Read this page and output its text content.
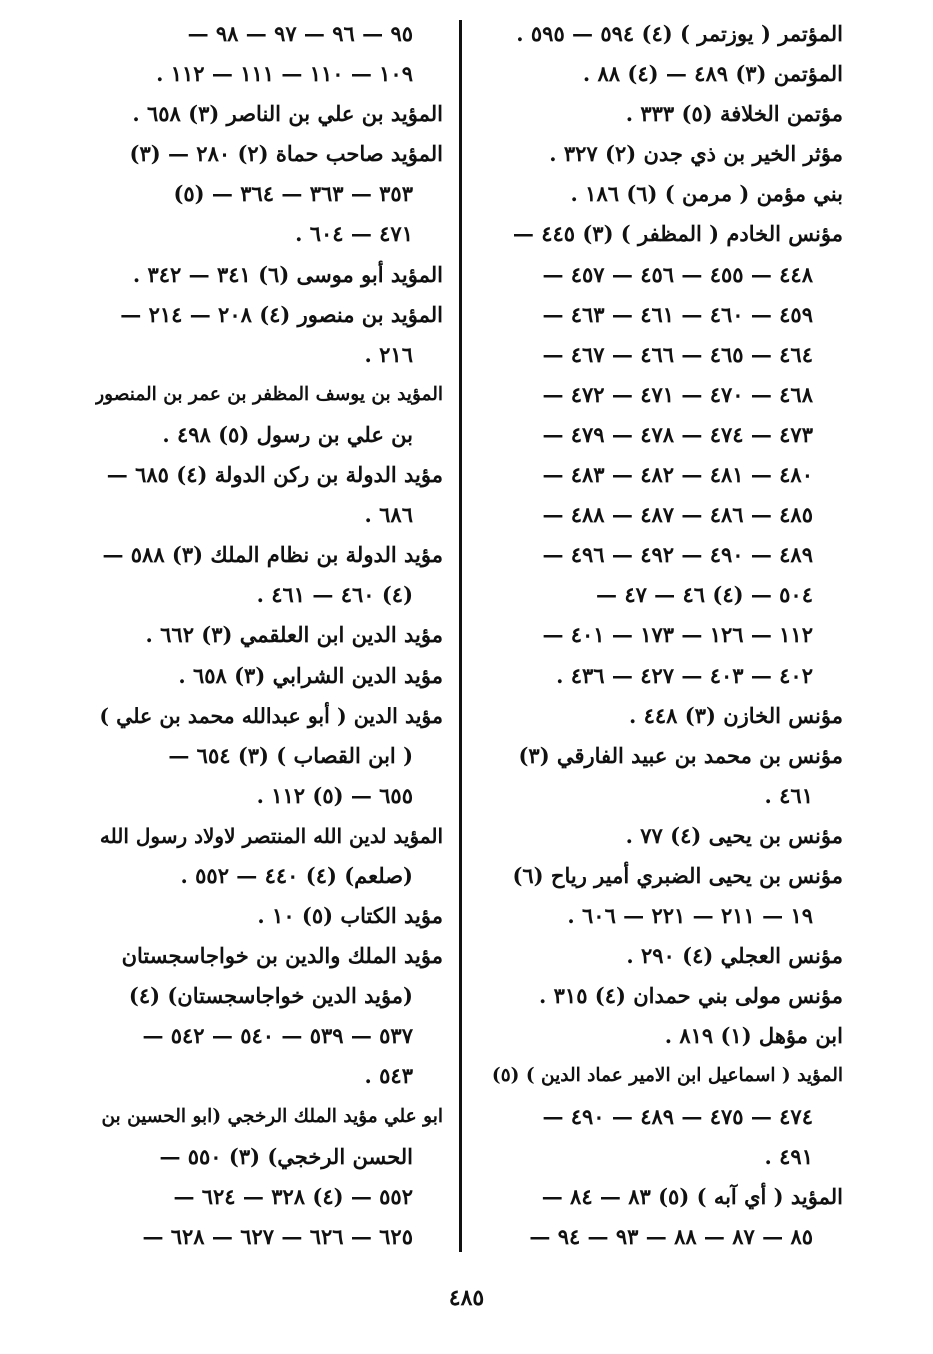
المؤتمر ( يوزتمر ) (٤) ٥٩٤ — ٥٩٥ .
المؤتمن (٣) ٤٨٩ — (٤) ٨٨ .
مؤتمن الخلافة (٥) ٣٣٣ .
مؤثر الخير بن ذي جدن (٢) ٣٢٧ .
بني مؤمن ( مرمن ) (٦) ١٨٦ .
مؤنس الخادم ( المظفر ) (٣) ٤٤٥ —
٤٤٨ — ٤٥٥ — ٤٥٦ — ٤٥٧ —
٤٥٩ — ٤٦٠ — ٤٦١ — ٤٦٣ —
٤٦٤ — ٤٦٥ — ٤٦٦ — ٤٦٧ —
٤٦٨ — ٤٧٠ — ٤٧١ — ٤٧٢ —
٤٧٣ — ٤٧٤ — ٤٧٨ — ٤٧٩ —
٤٨٠ — ٤٨١ — ٤٨٢ — ٤٨٣ —
٤٨٥ — ٤٨٦ — ٤٨٧ — ٤٨٨ —
٤٨٩ — ٤٩٠ — ٤٩٢ — ٤٩٦ —
٥٠٤ — (٤) ٤٦ — ٤٧ —
١١٢ — ١٢٦ — ١٧٣ — ٤٠١ —
٤٠٢ — ٤٠٣ — ٤٢٧ — ٤٣٦ .
مؤنس الخازن (٣) ٤٤٨ .
مؤنس بن محمد بن عبيد الفارقي (٣)
٤٦١ .
مؤنس بن يحيى (٤) ٧٧ .
مؤنس بن يحيى الضبري أمير رياح (٦)
١٩ — ٢١١ — ٢٢١ — ٦٠٦ .
مؤنس العجلي (٤) ٢٩٠ .
مؤنس مولى بني حمدان (٤) ٣١٥ .
ابن مؤهل (١) ٨١٩ .
المؤيد ( اسماعيل ابن الامير عماد الدين ) (٥)
٤٧٤ — ٤٧٥ — ٤٨٩ — ٤٩٠ —
٤٩١ .
المؤيد ( أي آبه ) (٥) ٨٣ — ٨٤ —
٨٥ — ٨٧ — ٨٨ — ٩٣ — ٩٤ —
٩٥ — ٩٦ — ٩٧ — ٩٨ —
١٠٩ — ١١٠ — ١١١ — ١١٢ .
المؤيد بن علي بن الناصر (٣) ٦٥٨ .
المؤيد صاحب حماة (٢) ٢٨٠ — (٣)
٣٥٣ — ٣٦٣ — ٣٦٤ — (٥)
٤٧١ — ٦٠٤ .
المؤيد أبو موسى (٦) ٣٤١ — ٣٤٢ .
المؤيد بن منصور (٤) ٢٠٨ — ٢١٤ —
٢١٦ .
المؤيد بن يوسف المظفر بن عمر بن المنصور
بن علي بن رسول (٥) ٤٩٨ .
مؤيد الدولة بن ركن الدولة (٤) ٦٨٥ —
٦٨٦ .
مؤيد الدولة بن نظام الملك (٣) ٥٨٨ —
(٤) ٤٦٠ — ٤٦١ .
مؤيد الدين ابن العلقمي (٣) ٦٦٢ .
مؤيد الدين الشرابي (٣) ٦٥٨ .
مؤيد الدين ( أبو عبدالله محمد بن علي )
( ابن القصاب ) (٣) ٦٥٤ —
٦٥٥ — (٥) ١١٢ .
المؤيد لدين الله المنتصر لاولاد رسول الله
(صلعم) (٤) ٤٤٠ — ٥٥٢ .
مؤيد الكتاب (٥) ١٠ .
مؤيد الملك والدين بن خواجاسجستان
(مؤيد الدين خواجاسجستان) (٤)
٥٣٧ — ٥٣٩ — ٥٤٠ — ٥٤٢ —
٥٤٣ .
ابو علي مؤيد الملك الرخجي (ابو الحسين بن
الحسن الرخجي) (٣) ٥٥٠ —
٥٥٢ — (٤) ٣٢٨ — ٦٢٤ —
٦٢٥ — ٦٢٦ — ٦٢٧ — ٦٢٨ —
٤٨٥
